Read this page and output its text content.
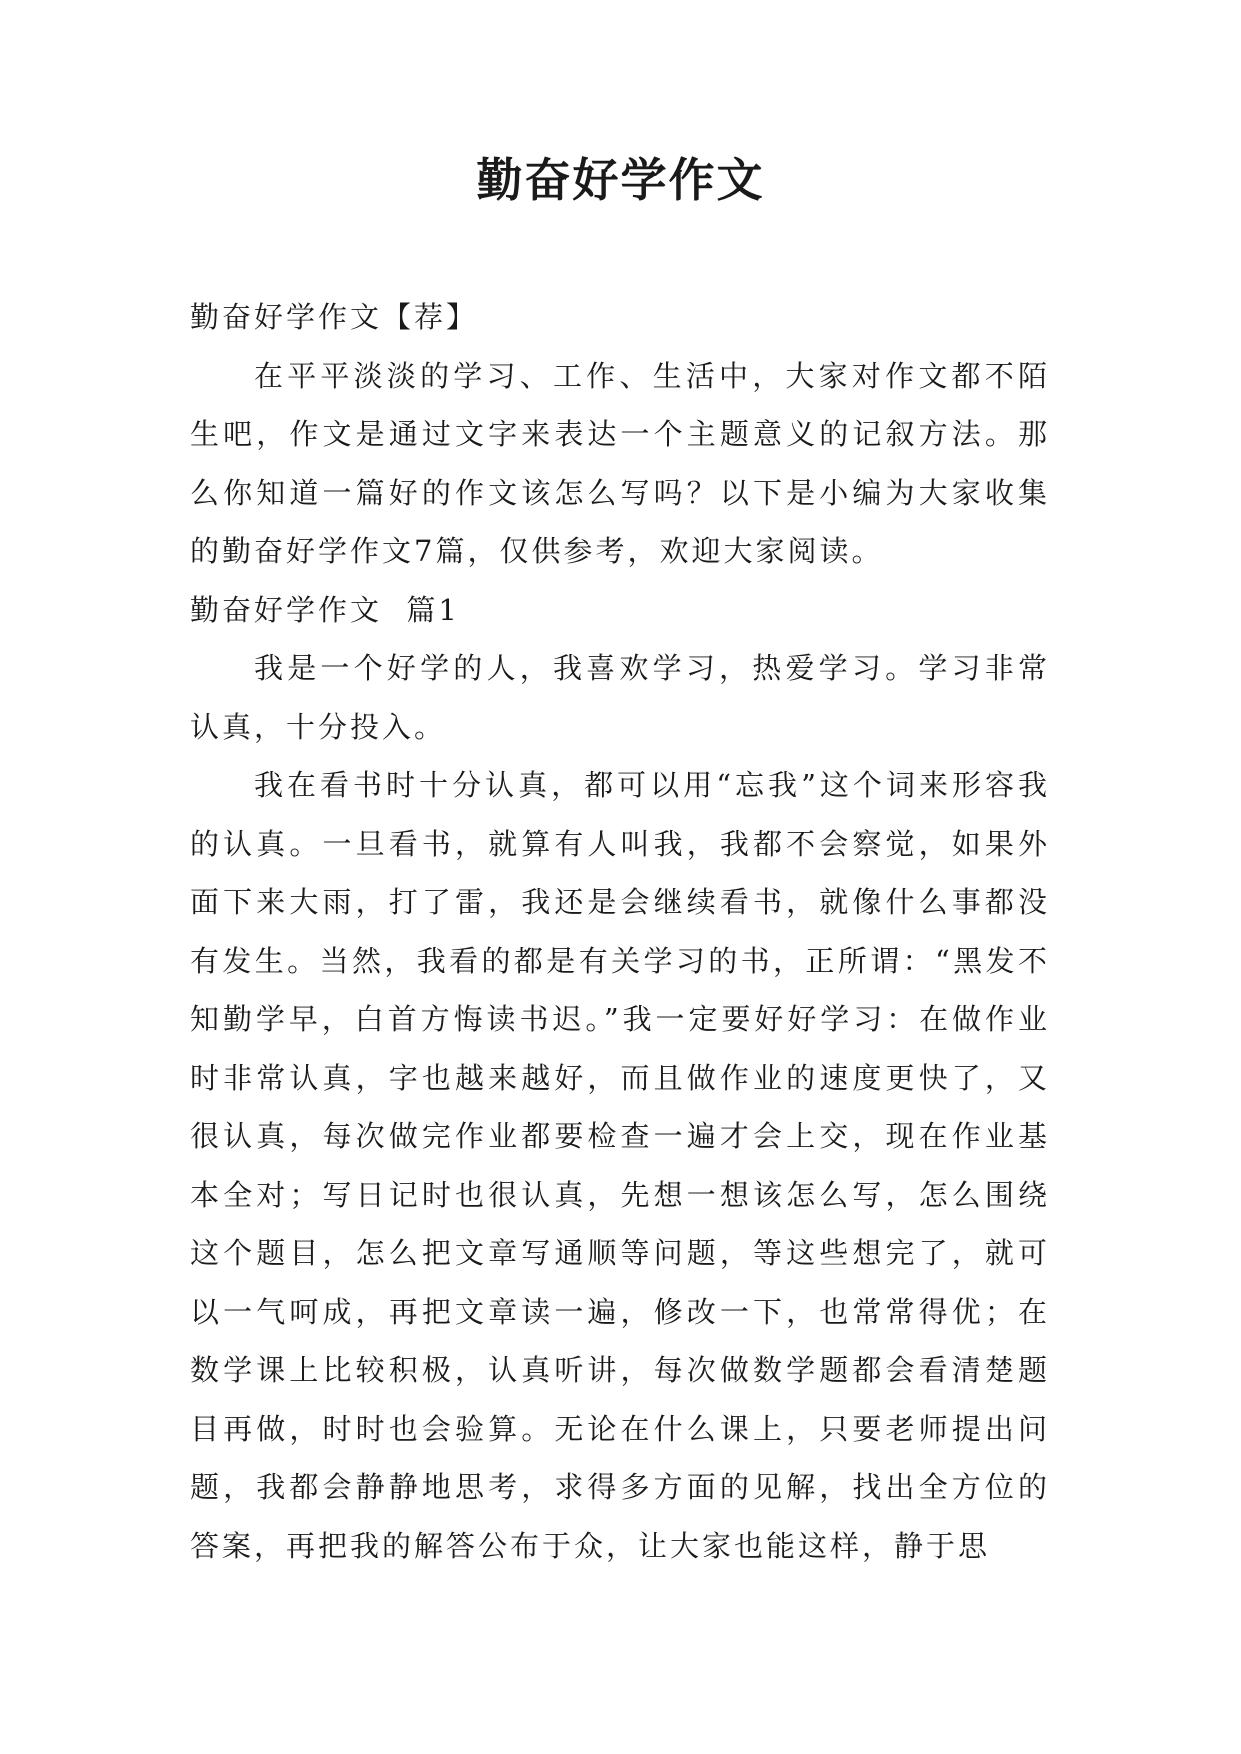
勤奋好学作文

勤奋好学作文【荐】

在平平淡淡的学习、工作、生活中，大家对作文都不陌生吧，作文是通过文字来表达一个主题意义的记叙方法。那么你知道一篇好的作文该怎么写吗？以下是小编为大家收集的勤奋好学作文7篇，仅供参考，欢迎大家阅读。

勤奋好学作文  篇1

我是一个好学的人，我喜欢学习，热爱学习。学习非常认真，十分投入。

我在看书时十分认真，都可以用“忘我”这个词来形容我的认真。一旦看书，就算有人叫我，我都不会察觉，如果外面下来大雨，打了雷，我还是会继续看书，就像什么事都没有发生。当然，我看的都是有关学习的书，正所谓：“黑发不知勤学早，白首方悔读书迟。”我一定要好好学习：在做作业时非常认真，字也越来越好，而且做作业的速度更快了，又很认真，每次做完作业都要检查一遍才会上交，现在作业基本全对；写日记时也很认真，先想一想该怎么写，怎么围绕这个题目，怎么把文章写通顺等问题，等这些想完了，就可以一气呵成，再把文章读一遍，修改一下，也常常得优；在数学课上比较积极，认真听讲，每次做数学题都会看清楚题目再做，时时也会验算。无论在什么课上，只要老师提出问题，我都会静静地思考，求得多方面的见解，找出全方位的答案，再把我的解答公布于众，让大家也能这样，静于思
